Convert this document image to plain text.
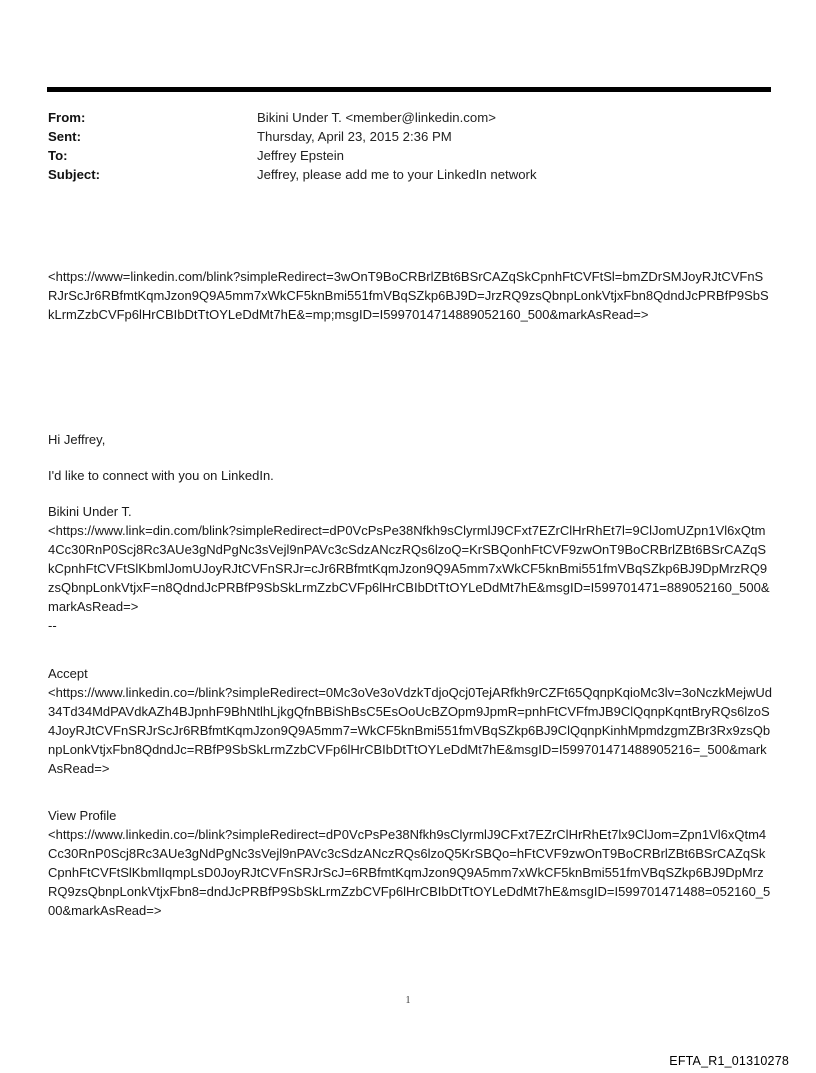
From:	Bikini Under T. <member@linkedin.com>
Sent:	Thursday, April 23, 2015 2:36 PM
To:	Jeffrey Epstein
Subject:	Jeffrey, please add me to your LinkedIn network
<https://www=linkedin.com/blink?simpleRedirect=3wOnT9BoCRBrlZBt6BSrCAZqSkCpnhFtCVFtSl=bmZDrSMJoyRJtCVFnSRJrScJr6RBfmtKqmJzon9Q9A5mm7xWkCF5knBmi551fmVBqSZkp6BJ9D=JrzRQ9zsQbnpLonkVtjxFbn8QdndJcPRBfP9SbSkLrmZzbCVFp6lHrCBIbDtTtOYLeDdMt7hE&=mp;msgID=I5997014714889052160_500&markAsRead=>
Hi Jeffrey,
I'd like to connect with you on LinkedIn.

Bikini Under T.

<https://www.link=din.com/blink?simpleRedirect=dP0VcPsPe38Nfkh9sClyrmlJ9CFxt7EZrClHrRhEt7l=9ClJomUZpn1Vl6xQtm4Cc30RnP0Scj8Rc3AUe3gNdPgNc3sVejl9nPAVc3cSdzANczRQs6lzoQ=KrSBQonhFtCVF9zwOnT9BoCRBrlZBt6BSrCAZqSkCpnhFtCVFtSlKbmlJomUJoyRJtCVFnSRJr=cJr6RBfmtKqmJzon9Q9A5mm7xWkCF5knBmi551fmVBqSZkp6BJ9DpMrzRQ9zsQbnpLonkVtjxF=n8QdndJcPRBfP9SbSkLrmZzbCVFp6lHrCBIbDtTtOYLeDdMt7hE&msgID=I599701471=889052160_500&markAsRead=>

--

Accept

<https://www.linkedin.co=/blink?simpleRedirect=0Mc3oVe3oVdzkTdjoQcj0TejARfkh9rCZFt65QqnpKqioMc3lv=3oNczkMejwUd34Td34MdPAVdkAZh4BJpnhF9BhNtlhLjkgQfnBBiShBsC5EsOoUcBZOpm9JpmR=pnhFtCVFfmJB9ClQqnpKqntBryRQs6lzoS4JoyRJtCVFnSRJrScJr6RBfmtKqmJzon9Q9A5mm7=WkCF5knBmi551fmVBqSZkp6BJ9ClQqnpKinhMpmdzgmZBr3Rx9zsQbnpLonkVtjxFbn8QdndJc=RBfP9SbSkLrmZzbCVFp6lHrCBIbDtTtOYLeDdMt7hE&msgID=I599701471488905216=_500&markAsRead=>

View Profile

<https://www.linkedin.co=/blink?simpleRedirect=dP0VcPsPe38Nfkh9sClyrmlJ9CFxt7EZrClHrRhEt7lx9ClJom=Zpn1Vl6xQtm4Cc30RnP0Scj8Rc3AUe3gNdPgNc3sVejl9nPAVc3cSdzANczRQs6lzoQ5KrSBQo=hFtCVF9zwOnT9BoCRBrlZBt6BSrCAZqSkCpnhFtCVFtSlKbmlIqmpLsD0JoyRJtCVFnSRJrScJ=6RBfmtKqmJzon9Q9A5mm7xWkCF5knBmi551fmVBqSZkp6BJ9DpMrzRQ9zsQbnpLonkVtjxFbn8=dndJcPRBfP9SbSkLrmZzbCVFp6lHrCBIbDtTtOYLeDdMt7hE&msgID=I599701471488=052160_500&markAsRead=>

1
EFTA_R1_01310278
